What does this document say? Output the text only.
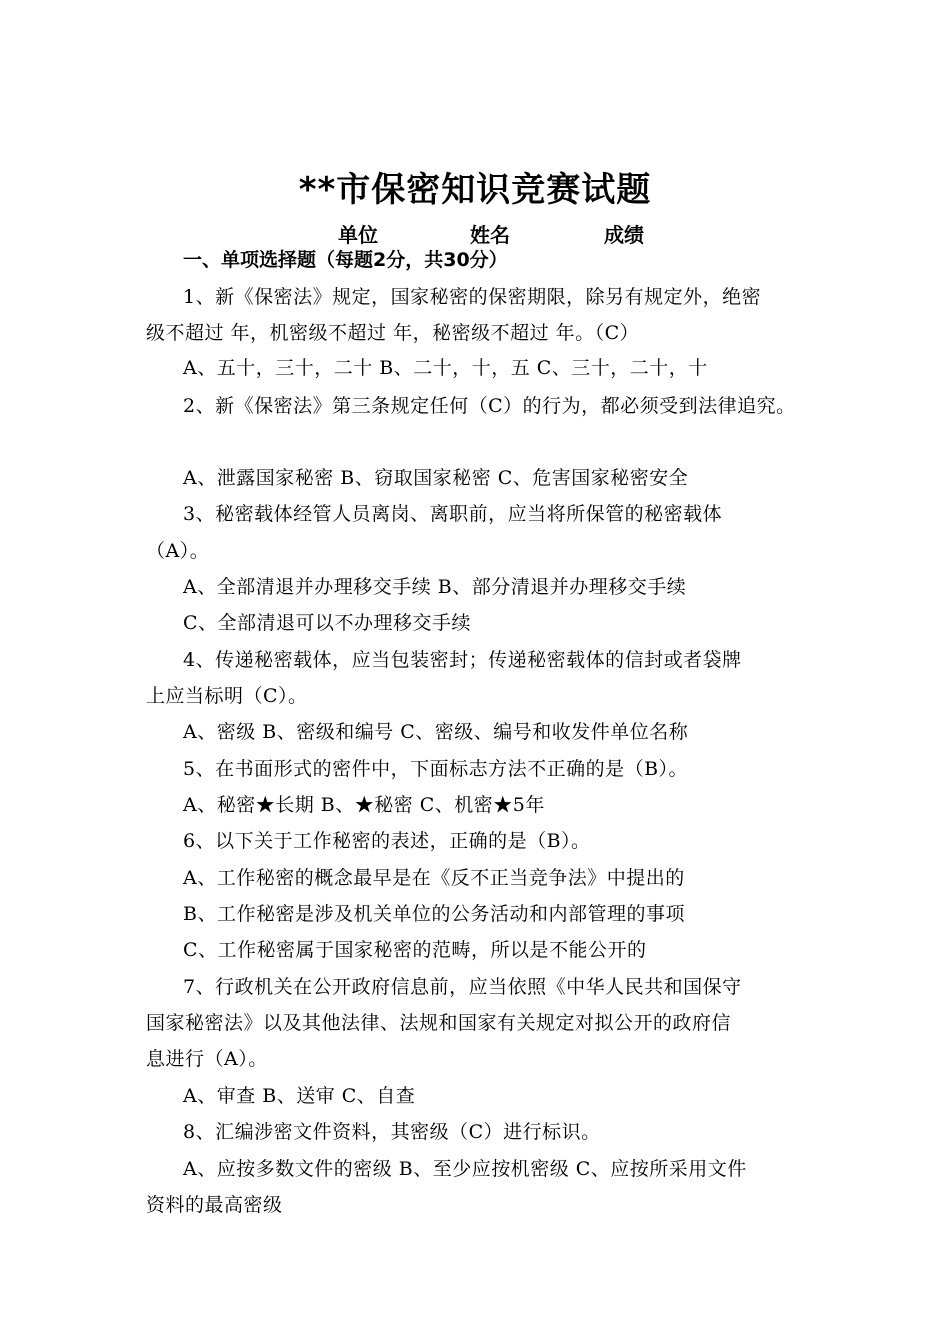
**市保密知识竞赛试题
单位	姓名	成绩
一、单项选择题（每题2分，共30分）
1、新《保密法》规定，国家秘密的保密期限，除另有规定外，绝密
级不超过 年，机密级不超过 年，秘密级不超过 年。（C）
A、五十，三十，二十 B、二十，十，五 C、三十，二十，十
2、新《保密法》第三条规定任何（C）的行为，都必须受到法律追究。
A、泄露国家秘密 B、窃取国家秘密 C、危害国家秘密安全
3、秘密载体经管人员离岗、离职前，应当将所保管的秘密载体
（A）。
A、全部清退并办理移交手续 B、部分清退并办理移交手续
C、全部清退可以不办理移交手续
4、传递秘密载体，应当包装密封；传递秘密载体的信封或者袋牌
上应当标明（C）。
A、密级 B、密级和编号 C、密级、编号和收发件单位名称
5、在书面形式的密件中，下面标志方法不正确的是（B）。
A、秘密★长期 B、★秘密 C、机密★5年
6、以下关于工作秘密的表述，正确的是（B）。
A、工作秘密的概念最早是在《反不正当竞争法》中提出的
B、工作秘密是涉及机关单位的公务活动和内部管理的事项
C、工作秘密属于国家秘密的范畴，所以是不能公开的
7、行政机关在公开政府信息前，应当依照《中华人民共和国保守
国家秘密法》以及其他法律、法规和国家有关规定对拟公开的政府信
息进行（A）。
A、审查 B、送审 C、自查
8、汇编涉密文件资料，其密级（C）进行标识。
A、应按多数文件的密级 B、至少应按机密级 C、应按所采用文件
资料的最高密级
